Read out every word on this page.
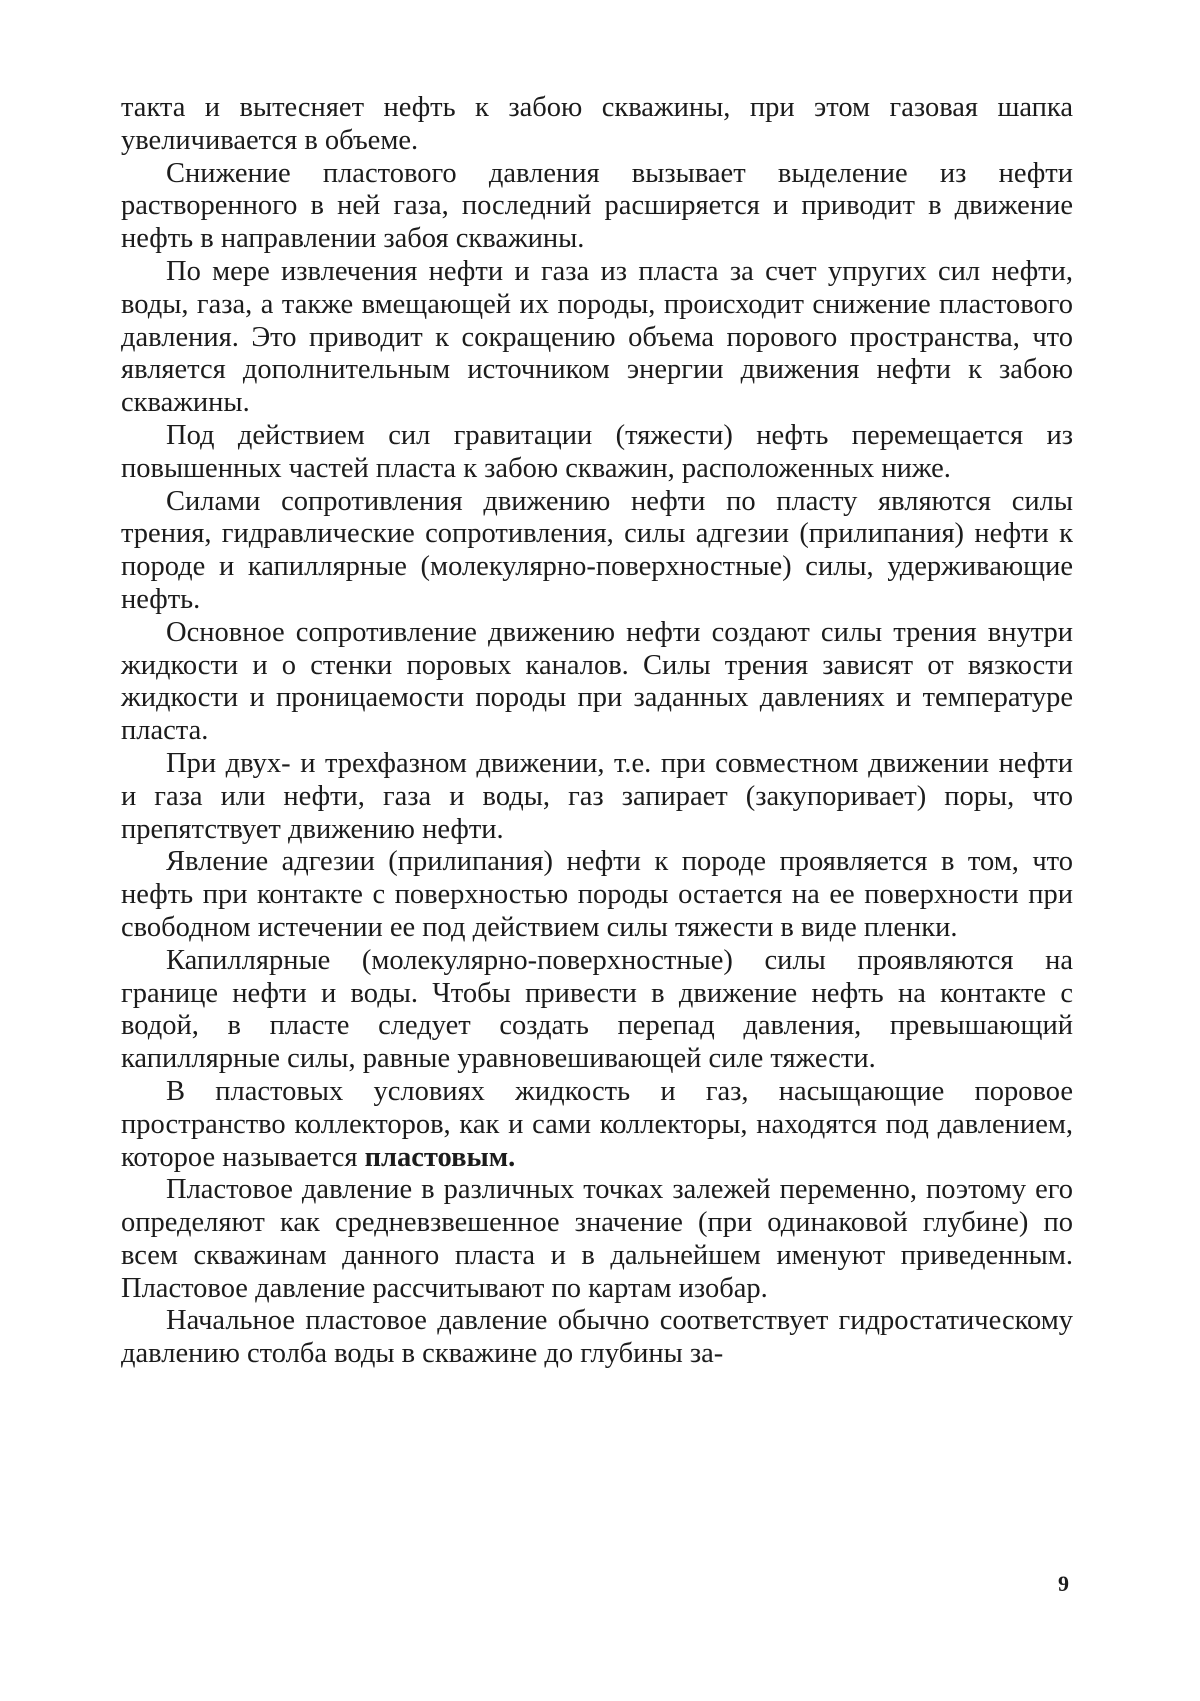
такта и вытесняет нефть к забою скважины, при этом газовая шапка увеличивается в объеме.

Снижение пластового давления вызывает выделение из нефти растворенного в ней газа, последний расширяется и приводит в движение нефть в направлении забоя скважины.

По мере извлечения нефти и газа из пласта за счет упругих сил нефти, воды, газа, а также вмещающей их породы, происходит снижение пластового давления. Это приводит к сокращению объема порового пространства, что является дополнительным источником энергии движения нефти к забою скважины.

Под действием сил гравитации (тяжести) нефть перемещается из повышенных частей пласта к забою скважин, расположенных ниже.

Силами сопротивления движению нефти по пласту являются силы трения, гидравлические сопротивления, силы адгезии (прилипания) нефти к породе и капиллярные (молекулярно-поверхностные) силы, удерживающие нефть.

Основное сопротивление движению нефти создают силы трения внутри жидкости и о стенки поровых каналов. Силы трения зависят от вязкости жидкости и проницаемости породы при заданных давлениях и температуре пласта.

При двух- и трехфазном движении, т.е. при совместном движении нефти и газа или нефти, газа и воды, газ запирает (закупоривает) поры, что препятствует движению нефти.

Явление адгезии (прилипания) нефти к породе проявляется в том, что нефть при контакте с поверхностью породы остается на ее поверхности при свободном истечении ее под действием силы тяжести в виде пленки.

Капиллярные (молекулярно-поверхностные) силы проявляются на границе нефти и воды. Чтобы привести в движение нефть на контакте с водой, в пласте следует создать перепад давления, превышающий капиллярные силы, равные уравновешивающей силе тяжести.

В пластовых условиях жидкость и газ, насыщающие поровое пространство коллекторов, как и сами коллекторы, находятся под давлением, которое называется пластовым.

Пластовое давление в различных точках залежей переменно, поэтому его определяют как средневзвешенное значение (при одинаковой глубине) по всем скважинам данного пласта и в дальнейшем именуют приведенным. Пластовое давление рассчитывают по картам изобар.

Начальное пластовое давление обычно соответствует гидростатическому давлению столба воды в скважине до глубины за-

9
